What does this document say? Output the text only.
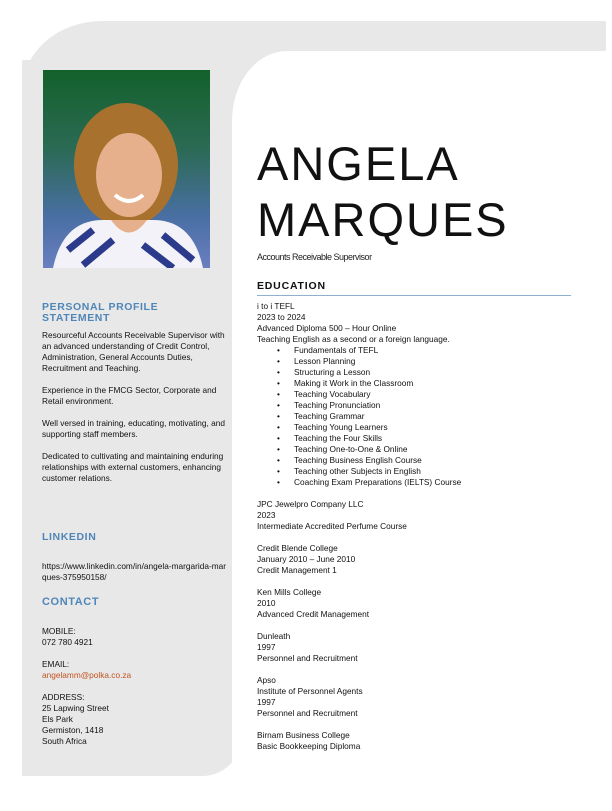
PERSONAL PROFILE STATEMENT

Resourceful Accounts Receivable Supervisor with an advanced understanding of Credit Control, Administration, General Accounts Duties, Recruitment and Teaching.

Experience in the FMCG Sector, Corporate and Retail environment.

Well versed in training, educating, motivating, and supporting staff members.

Dedicated to cultivating and maintaining enduring relationships with external customers, enhancing customer relations.

LINKEDIN

https://www.linkedin.com/in/angela-margarida-marques-375950158/

CONTACT

MOBILE:
072 780 4921

EMAIL:
angelamm@polka.co.za

ADDRESS:
25 Lapwing Street
Els Park
Germiston, 1418
South Africa

ANGELA
MARQUES
Accounts Receivable Supervisor
EDUCATION
i to i TEFL
2023 to 2024
Advanced Diploma 500 – Hour Online
Teaching English as a second or a foreign language.
• Fundamentals of TEFL
• Lesson Planning
• Structuring a Lesson
• Making it Work in the Classroom
• Teaching Vocabulary
• Teaching Pronunciation
• Teaching Grammar
• Teaching Young Learners
• Teaching the Four Skills
• Teaching One-to-One & Online
• Teaching Business English Course
• Teaching other Subjects in English
• Coaching Exam Preparations (IELTS) Course
JPC Jewelpro Company LLC
2023
Intermediate Accredited Perfume Course
Credit Blende College
January 2010 – June 2010
Credit Management 1
Ken Mills College
2010
Advanced Credit Management
Dunleath
1997
Personnel and Recruitment
Apso
Institute of Personnel Agents
1997
Personnel and Recruitment
Birnam Business College
Basic Bookkeeping Diploma
